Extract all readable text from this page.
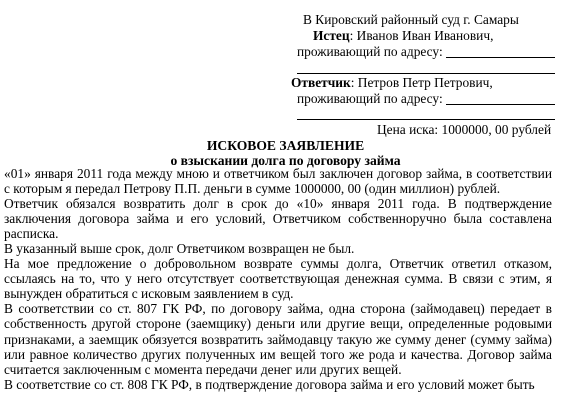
В Кировский районный суд г. Самары
Истец: Иванов Иван Иванович,
проживающий по адресу:
Ответчик: Петров Петр Петрович,
проживающий по адресу:
Цена иска: 1000000, 00 рублей
ИСКОВОЕ ЗАЯВЛЕНИЕ
о взыскании долга по договору займа

«01» января 2011 года между мною и ответчиком был заключен договор займа, в соответствии с которым я передал Петрову П.П. деньги в сумме 1000000, 00 (один миллион) рублей.

Ответчик обязался возвратить долг в срок до «10» января 2011 года. В подтверждение заключения договора займа и его условий, Ответчиком собственноручно была составлена расписка.

В указанный выше срок, долг Ответчиком возвращен не был.

На мое предложение о добровольном возврате суммы долга, Ответчик ответил отказом, ссылаясь на то, что у него отсутствует соответствующая денежная сумма. В связи с этим, я вынужден обратиться с исковым заявлением в суд.

В соответствии со ст. 807 ГК РФ, по договору займа, одна сторона (займодавец) передает в собственность другой стороне (заемщику) деньги или другие вещи, определенные родовыми признаками, а заемщик обязуется возвратить займодавцу такую же сумму денег (сумму займа) или равное количество других полученных им вещей того же рода и качества. Договор займа считается заключенным с момента передачи денег или других вещей.

В соответствие со ст. 808 ГК РФ, в подтверждение договора займа и его условий может быть
